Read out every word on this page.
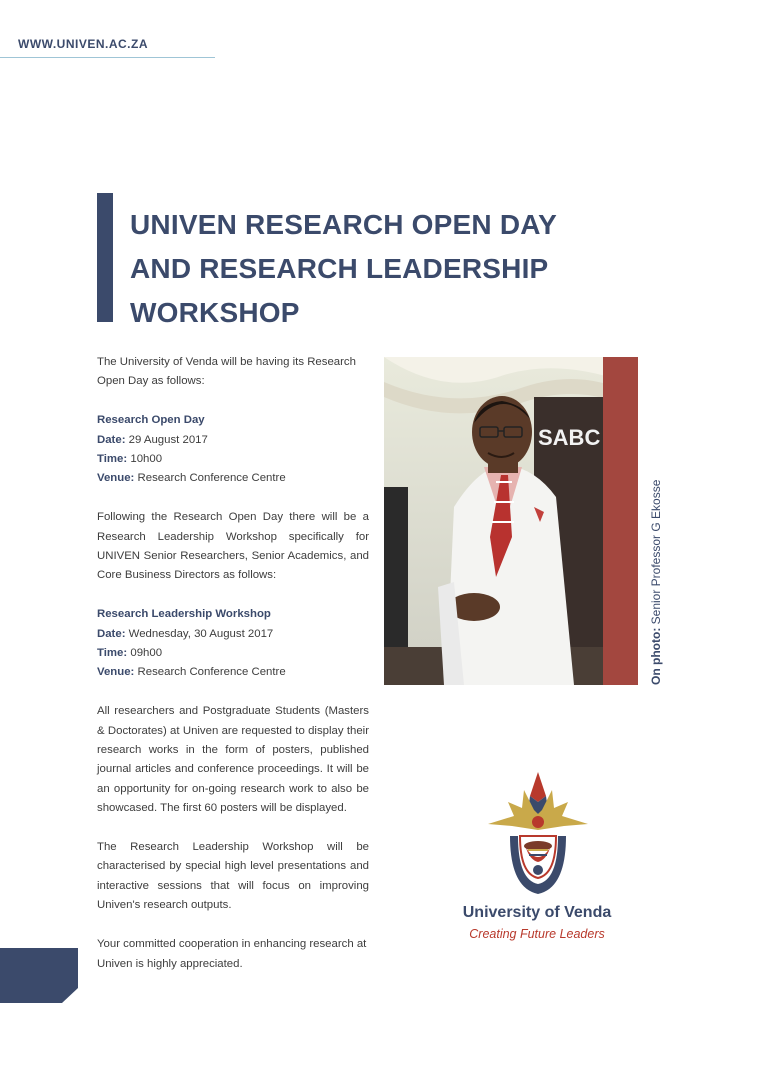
WWW.UNIVEN.AC.ZA
UNIVEN RESEARCH OPEN DAY
AND RESEARCH LEADERSHIP
WORKSHOP

The University of Venda will be having its Research Open Day as follows:

Research Open Day

Date: 29 August 2017

Time: 10h00

Venue: Research Conference Centre

Following the Research Open Day there will be a Research Leadership Workshop specifically for UNIVEN Senior Researchers, Senior Academics, and Core Business Directors as follows:

Research Leadership Workshop

Date: Wednesday, 30 August 2017

Time: 09h00

Venue: Research Conference Centre

All researchers and Postgraduate Students (Masters & Doctorates) at Univen are requested to display their research works in the form of posters, published journal articles and conference proceedings. It will be an opportunity for on-going research work to also be showcased. The first 60 posters will be displayed.

The Research Leadership Workshop will be characterised by special high level presentations and interactive sessions that will focus on improving Univen's research outputs.

Your committed cooperation in enhancing research at Univen is highly appreciated.

SABC
On photo: Senior Professor G Ekosse
University of Venda
Creating Future Leaders
